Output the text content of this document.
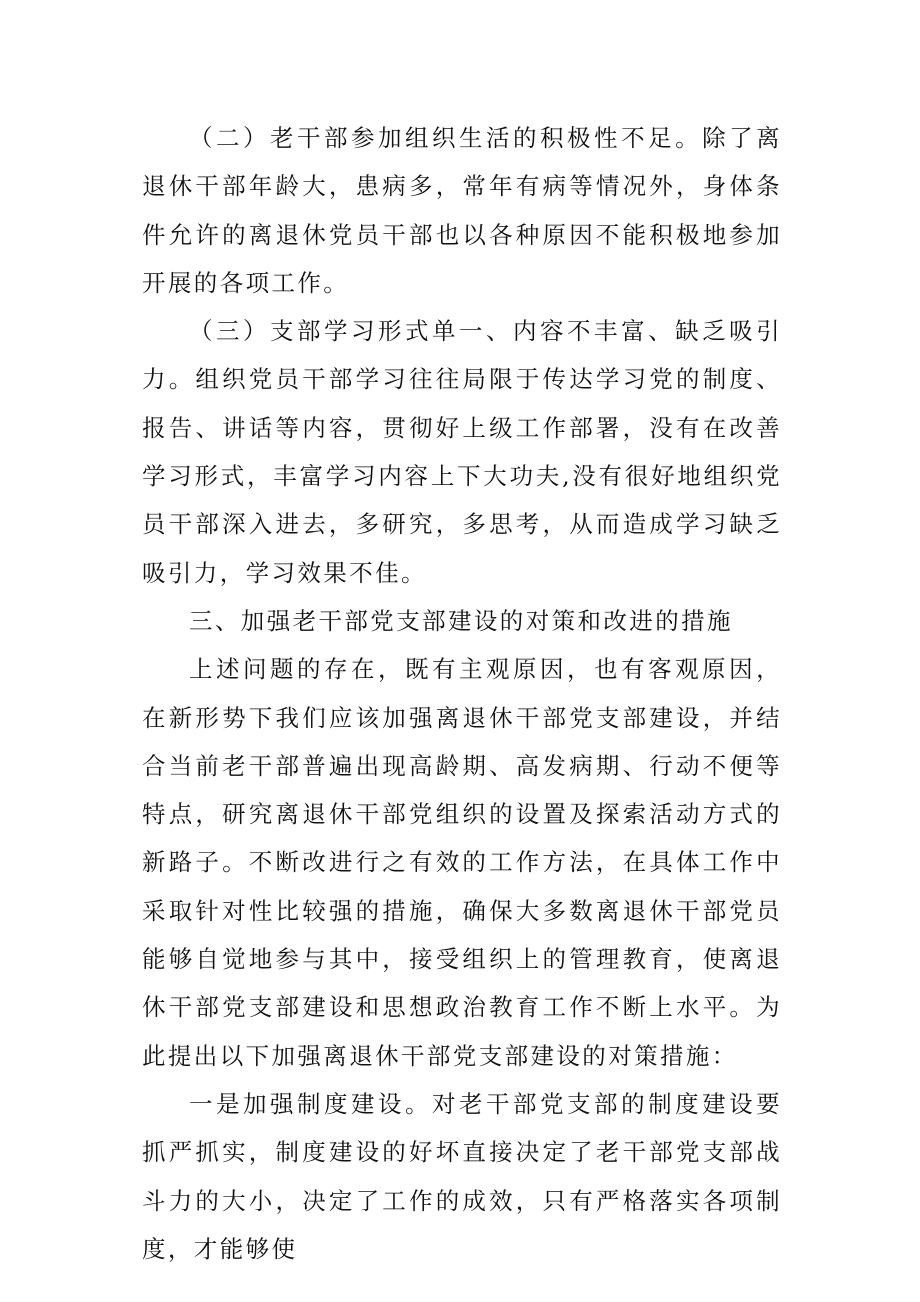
（二）老干部参加组织生活的积极性不足。除了离退休干部年龄大，患病多，常年有病等情况外，身体条件允许的离退休党员干部也以各种原因不能积极地参加开展的各项工作。

（三）支部学习形式单一、内容不丰富、缺乏吸引力。组织党员干部学习往往局限于传达学习党的制度、报告、讲话等内容，贯彻好上级工作部署，没有在改善学习形式，丰富学习内容上下大功夫,没有很好地组织党员干部深入进去，多研究，多思考，从而造成学习缺乏吸引力，学习效果不佳。

三、加强老干部党支部建设的对策和改进的措施

上述问题的存在，既有主观原因，也有客观原因，在新形势下我们应该加强离退休干部党支部建设，并结合当前老干部普遍出现高龄期、高发病期、行动不便等特点，研究离退休干部党组织的设置及探索活动方式的新路子。不断改进行之有效的工作方法，在具体工作中采取针对性比较强的措施，确保大多数离退休干部党员能够自觉地参与其中，接受组织上的管理教育，使离退休干部党支部建设和思想政治教育工作不断上水平。为此提出以下加强离退休干部党支部建设的对策措施：

一是加强制度建设。对老干部党支部的制度建设要抓严抓实，制度建设的好坏直接决定了老干部党支部战斗力的大小，决定了工作的成效，只有严格落实各项制度，才能够使
